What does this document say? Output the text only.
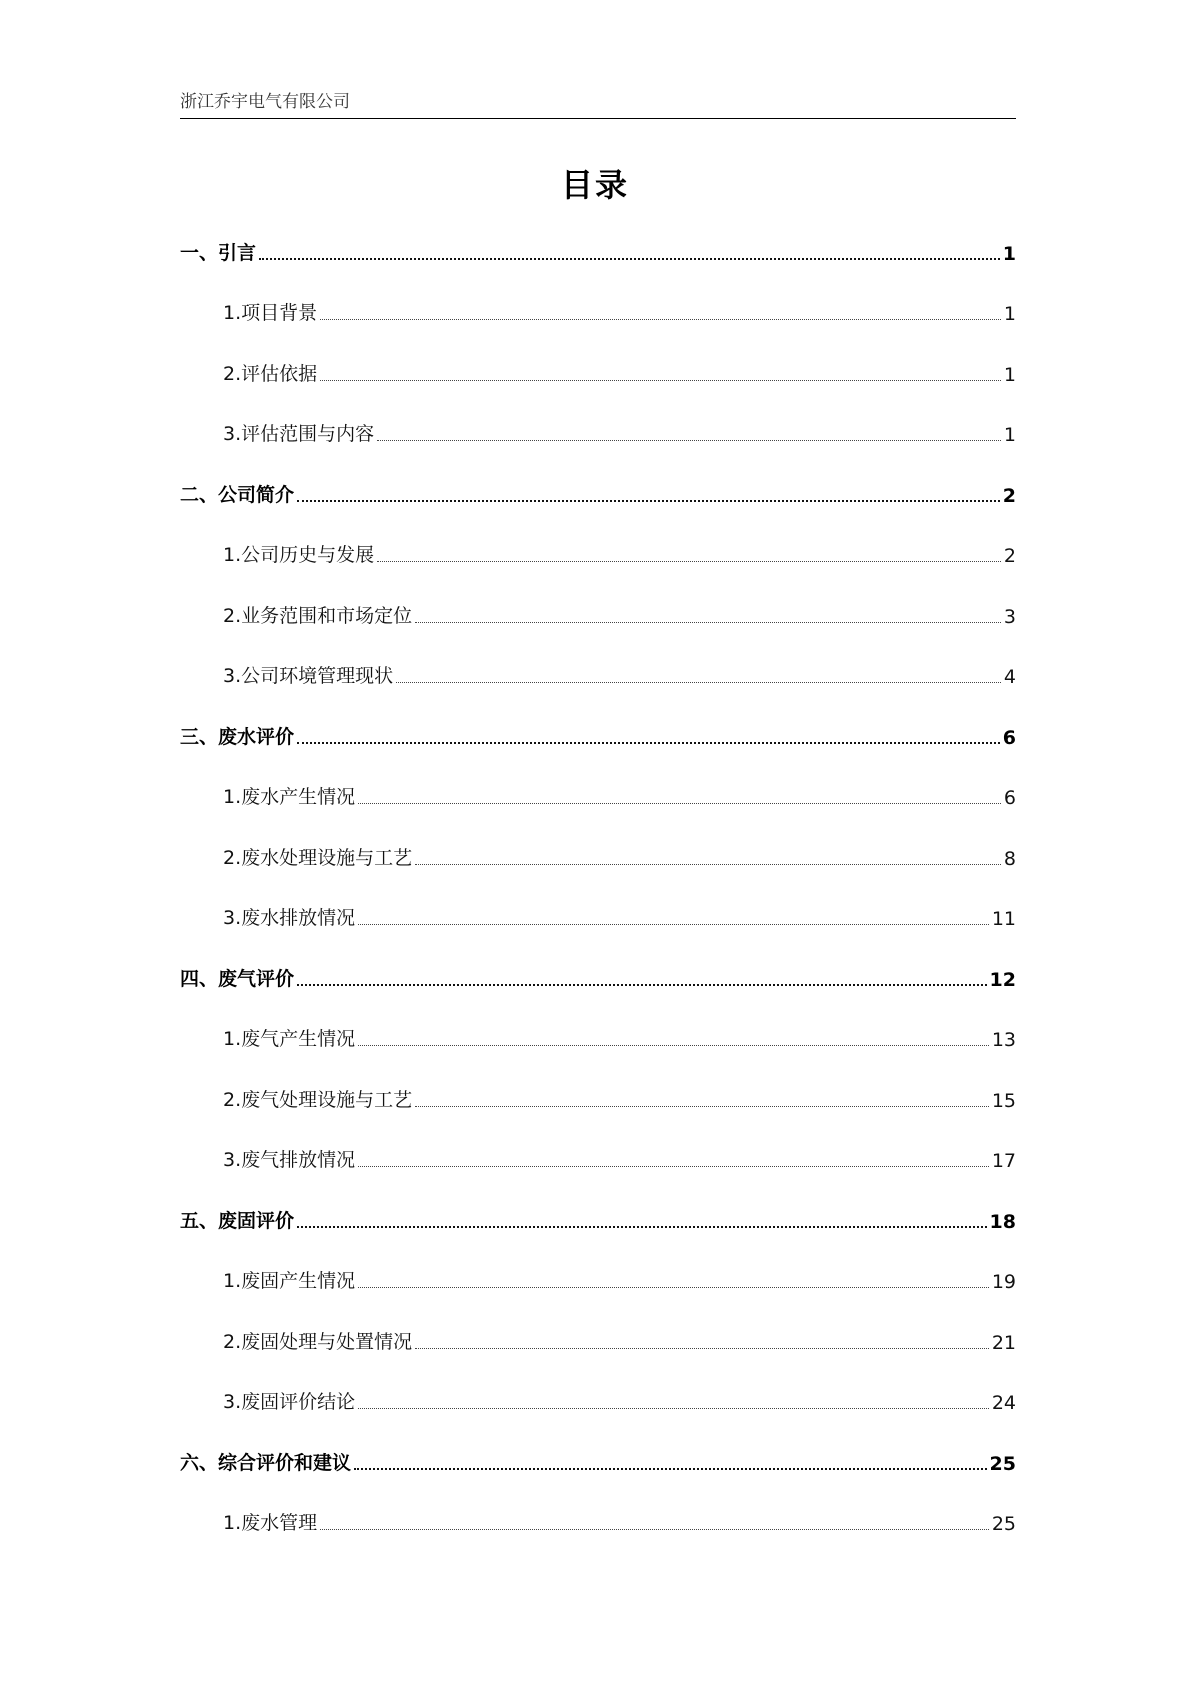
浙江乔宇电气有限公司
目录
一、引言	1
1.项目背景	1
2.评估依据	1
3.评估范围与内容	1
二、公司简介	2
1.公司历史与发展	2
2.业务范围和市场定位	3
3.公司环境管理现状	4
三、废水评价	6
1.废水产生情况	6
2.废水处理设施与工艺	8
3.废水排放情况	11
四、废气评价	12
1.废气产生情况	13
2.废气处理设施与工艺	15
3.废气排放情况	17
五、废固评价	18
1.废固产生情况	19
2.废固处理与处置情况	21
3.废固评价结论	24
六、综合评价和建议	25
1.废水管理	25
